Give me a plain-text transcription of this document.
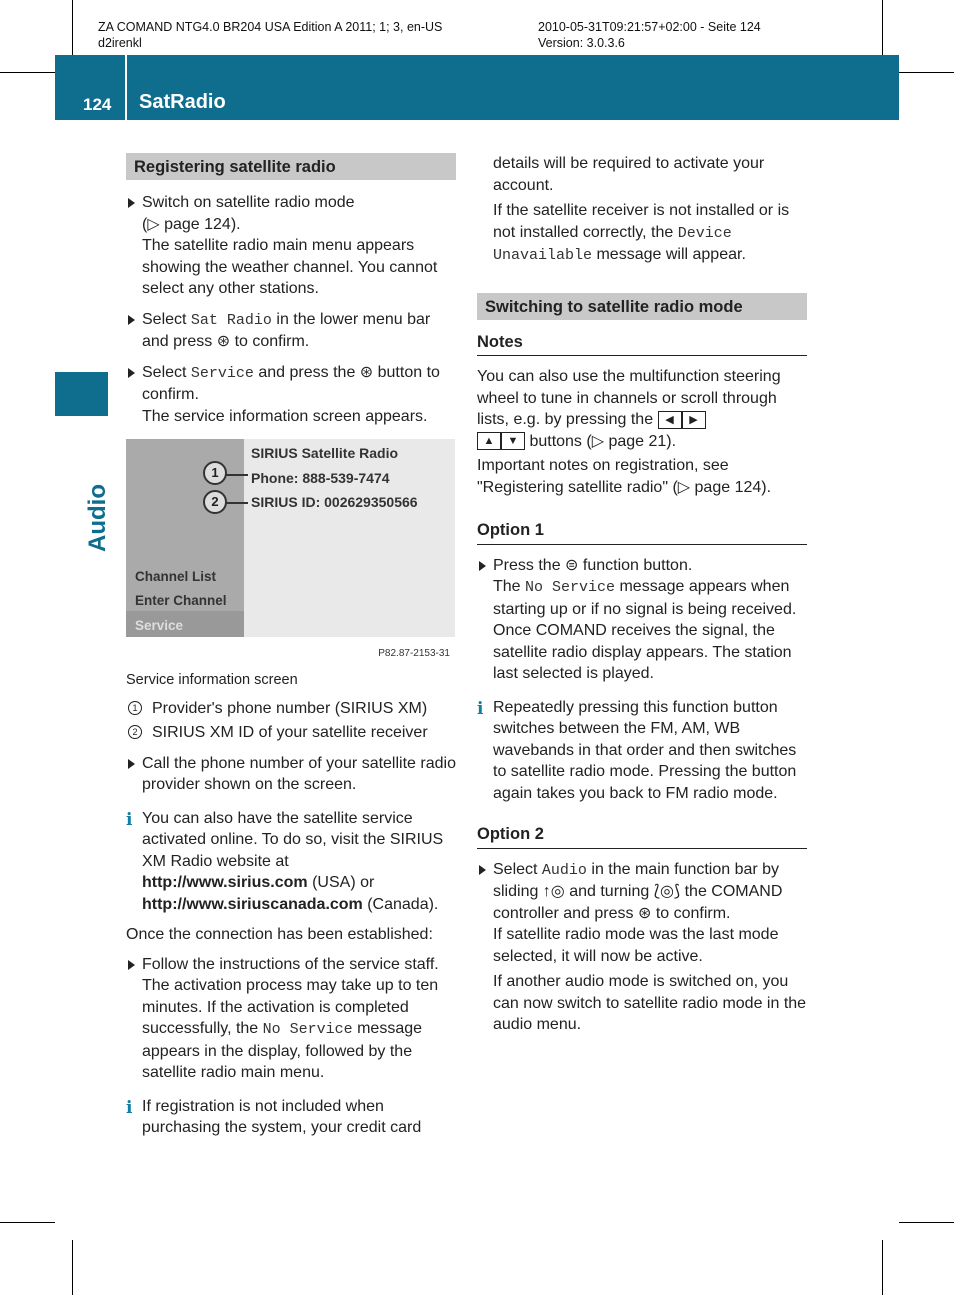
ZA COMAND NTG4.0 BR204 USA Edition A 2011; 1; 3, en-US
d2irenkl
2010-05-31T09:21:57+02:00 - Seite 124
Version: 3.0.3.6
124 SatRadio
Audio
Registering satellite radio
Switch on satellite radio mode
(▷ page 124).
The satellite radio main menu appears showing the weather channel. You cannot select any other stations.
Select Sat Radio in the lower menu bar and press ⊛ to confirm.
Select Service and press the ⊛ button to confirm.
The service information screen appears.
SIRIUS Satellite Radio
1	Phone: 888-539-7474
2	SIRIUS ID: 002629350566
Channel List
Enter Channel
Service
P82.87-2153-31
Service information screen
1 Provider's phone number (SIRIUS XM)
2 SIRIUS XM ID of your satellite receiver
Call the phone number of your satellite radio provider shown on the screen.
i You can also have the satellite service activated online. To do so, visit the SIRIUS XM Radio website at http://www.sirius.com (USA) or http://www.siriuscanada.com (Canada).
Once the connection has been established:
Follow the instructions of the service staff.
The activation process may take up to ten minutes. If the activation is completed successfully, the No Service message appears in the display, followed by the satellite radio main menu.
i If registration is not included when purchasing the system, your credit card
details will be required to activate your account.
If the satellite receiver is not installed or is not installed correctly, the Device Unavailable message will appear.
Switching to satellite radio mode
Notes
You can also use the multifunction steering wheel to tune in channels or scroll through lists, e.g. by pressing the ◀ ▶
▲ ▼ buttons (▷ page 21).
Important notes on registration, see "Registering satellite radio" (▷ page 124).
Option 1
Press the ⊜ function button.
The No Service message appears when starting up or if no signal is being received. Once COMAND receives the signal, the satellite radio display appears. The station last selected is played.
i Repeatedly pressing this function button switches between the FM, AM, WB wavebands in that order and then switches to satellite radio mode. Pressing the button again takes you back to FM radio mode.
Option 2
Select Audio in the main function bar by sliding ↑◎ and turning ⟅◎⟆ the COMAND controller and press ⊛ to confirm.
If satellite radio mode was the last mode selected, it will now be active.
If another audio mode is switched on, you can now switch to satellite radio mode in the audio menu.
